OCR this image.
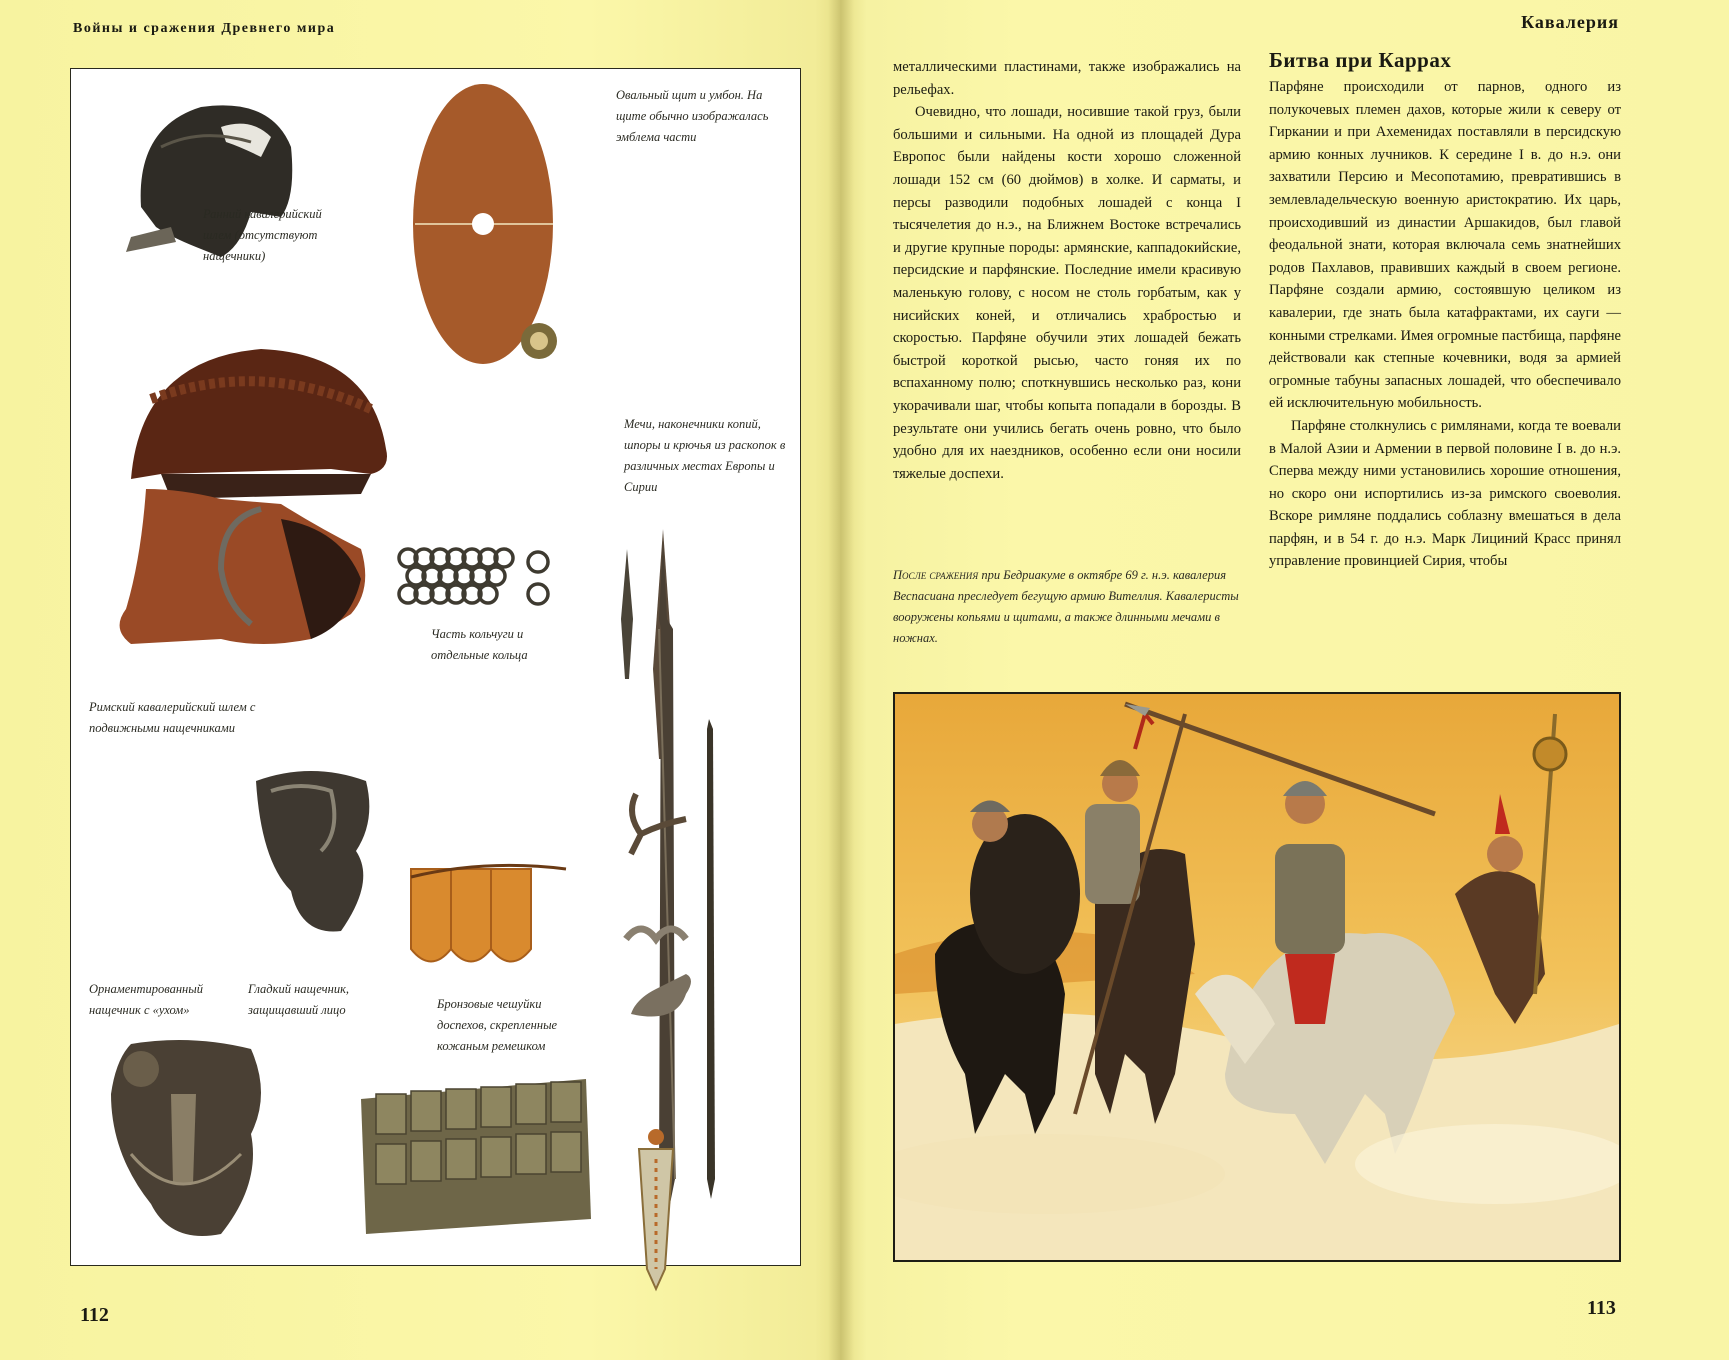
Войны и сражения Древнего мира	Кавалерия
Ранний кавалерийский шлем (отсутствуют нащечники)
Овальный щит и умбон. На щите обычно изображалась эмблема части
Римский кавалерийский шлем с подвижными нащечниками
Мечи, наконечники копий, шпоры и крючья из раскопок в различных местах Европы и Сирии
Часть кольчуги и отдельные кольца
Гладкий нащечник, защищавший лицо	Бронзовые чешуйки доспехов, скрепленные кожаным ремешком
Орнаментированный нащечник с «ухом»
112

металлическими пластинами, также изображались на рельефах.

Очевидно, что лошади, носившие такой груз, были большими и сильными. На одной из площадей Дура Европос были найдены кости хорошо сложенной лошади 152 см (60 дюймов) в холке. И сарматы, и персы разводили подобных лошадей с конца I тысячелетия до н.э., на Ближнем Востоке встречались и другие крупные породы: армянские, каппадокийские, персидские и парфянские. Последние имели красивую маленькую голову, с носом не столь горбатым, как у нисийских коней, и отличались храбростью и скоростью. Парфяне обучили этих лошадей бежать быстрой короткой рысью, часто гоняя их по вспаханному полю; споткнувшись несколько раз, кони укорачивали шаг, чтобы копыта попадали в борозды. В результате они учились бегать очень ровно, что было удобно для их наездников, особенно если они носили тяжелые доспехи.

После сражения при Бедриакуме в октябре 69 г. н.э. кавалерия Веспасиана преследует бегущую армию Вителлия. Кавалеристы вооружены копьями и щитами, а также длинными мечами в ножнах.
Битва при Каррах

Парфяне происходили от парнов, одного из полукочевых племен дахов, которые жили к северу от Гиркании и при Ахеменидах поставляли в персидскую армию конных лучников. К середине I в. до н.э. они захватили Персию и Месопотамию, превратившись в землевладельческую военную аристократию. Их царь, происходивший из династии Аршакидов, был главой феодальной знати, которая включала семь знатнейших родов Пахлавов, правивших каждый в своем регионе. Парфяне создали армию, состоявшую целиком из кавалерии, где знать была катафрактами, их сауги — конными стрелками. Имея огромные пастбища, парфяне действовали как степные кочевники, водя за армией огромные табуны запасных лошадей, что обеспечивало ей исключительную мобильность.

Парфяне столкнулись с римлянами, когда те воевали в Малой Азии и Армении в первой половине I в. до н.э. Сперва между ними установились хорошие отношения, но скоро они испортились из-за римского своеволия. Вскоре римляне поддались соблазну вмешаться в дела парфян, и в 54 г. до н.э. Марк Лициний Красс принял управление провинцией Сирия, чтобы

113
